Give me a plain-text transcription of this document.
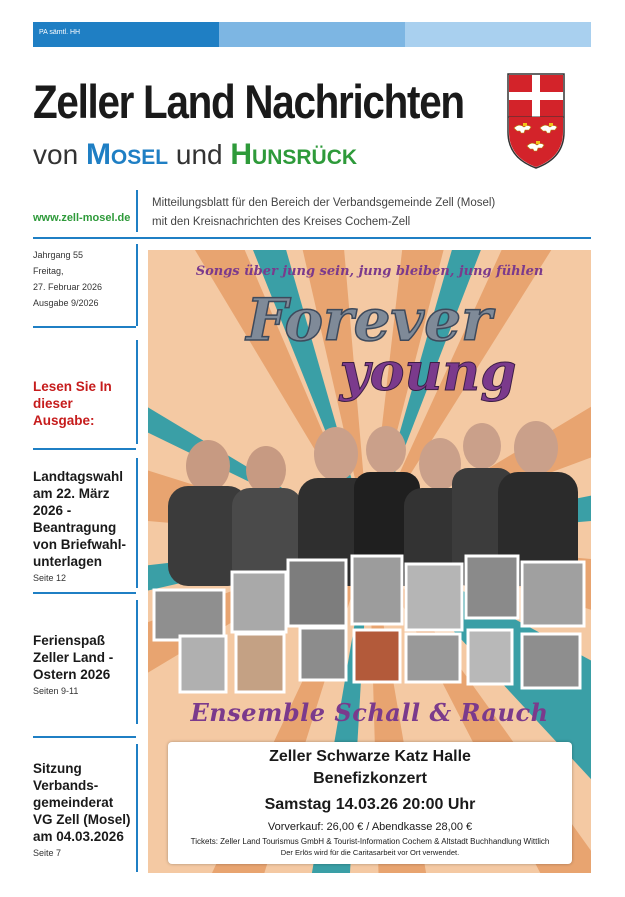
PA sämtl. HH
Zeller Land Nachrichten
von Mosel und Hunsrück
www.zell-mosel.de
Mitteilungsblatt für den Bereich der Verbandsgemeinde Zell (Mosel)
mit den Kreisnachrichten des Kreises Cochem-Zell
Jahrgang 55
Freitag,
27. Februar 2026
Ausgabe 9/2026
Lesen Sie In dieser Ausgabe:
Landtagswahl am 22. März 2026 - Beantragung von Briefwahlunterlagen
Seite 12
Ferienspaß Zeller Land - Ostern 2026
Seiten 9-11
Sitzung Verbandsgemeinderat VG Zell (Mosel) am 04.03.2026
Seite 7
Forever
young
Songs über jung sein, jung bleiben, jung fühlen
Ensemble Schall & Rauch
Zeller Schwarze Katz Halle
Benefizkonzert
Samstag 14.03.26 20:00 Uhr
Vorverkauf: 26,00 € / Abendkasse 28,00 €
Tickets: Zeller Land Tourismus GmbH & Tourist-Information Cochem & Altstadt Buchhandlung Wittlich
Der Erlös wird für die Caritasarbeit vor Ort verwendet.
